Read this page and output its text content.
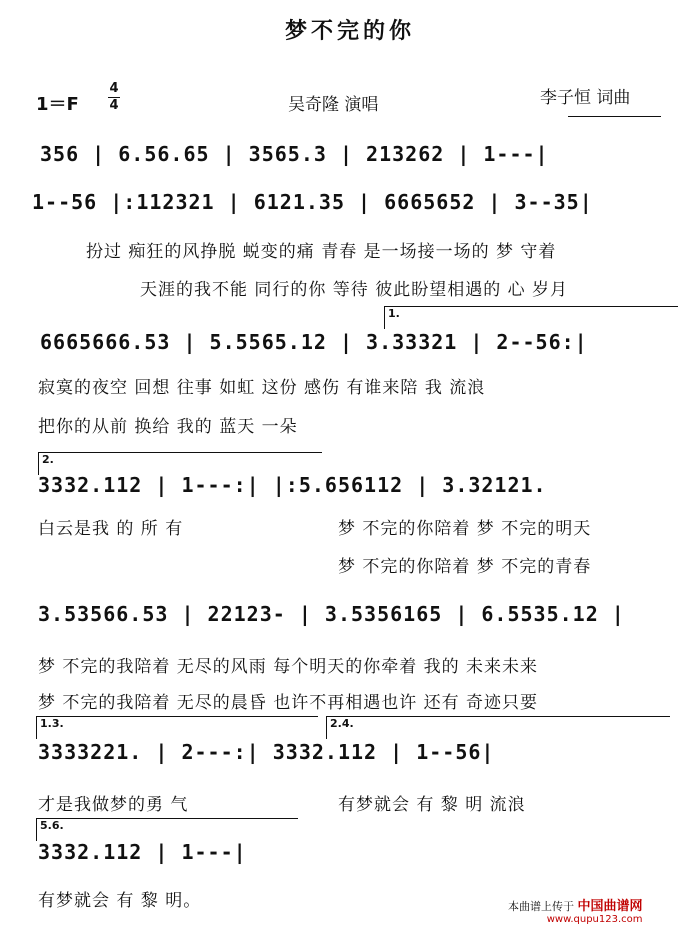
梦不完的你
1＝F
4
4	吴奇隆 演唱	李子恒 词曲
356 | 6.56.65 | 3565.3 | 213262 | 1---|
1--56 |:112321 | 6121.35 | 6665652 | 3--35|
扮过 痴狂的风挣脱 蜕变的痛 青春 是一场接一场的 梦 守着
天涯的我不能 同行的你 等待 彼此盼望相遇的 心 岁月
1.
6665666.53 | 5.5565.12 | 3.33321 | 2--56:|
寂寞的夜空 回想 往事 如虹 这份 感伤 有谁来陪 我 流浪
把你的从前 换给 我的 蓝天 一朵
2.
3332.112 | 1---:| |:5.656112 | 3.32121.
白云是我 的 所 有	梦 不完的你陪着 梦 不完的明天
梦 不完的你陪着 梦 不完的青春
3.53566.53 | 22123- | 3.5356165 | 6.5535.12 |
梦 不完的我陪着 无尽的风雨 每个明天的你牵着 我的 未来未来
梦 不完的我陪着 无尽的晨昏 也许不再相遇也许 还有 奇迹只要
1.3.	2.4.
3333221. | 2---:| 3332.112 | 1--56|
才是我做梦的勇 气	有梦就会 有 黎 明 流浪
5.6.
3332.112 | 1---|
有梦就会 有 黎 明。	本曲谱上传于 中国曲谱网
www.qupu123.com
